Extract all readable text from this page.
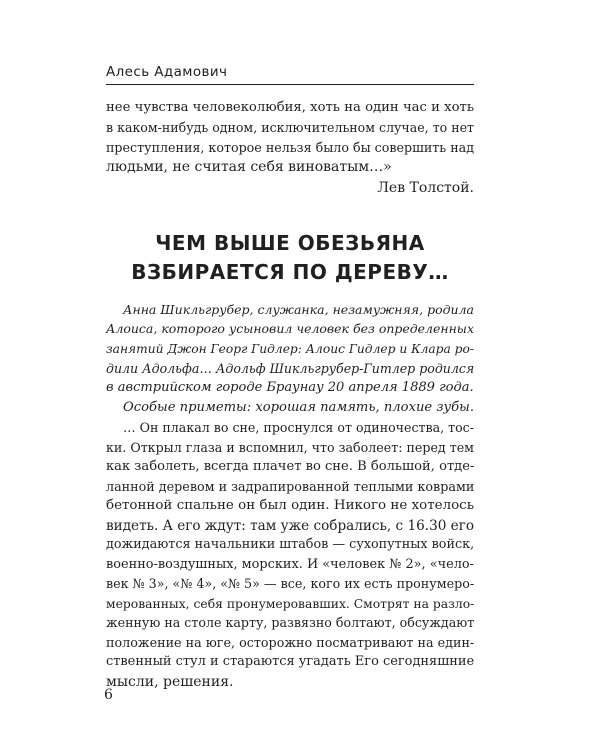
Алесь Адамович
нее чувства человеколюбия, хоть на один час и хоть
в каком-нибудь одном, исключительном случае, то нет
преступления, которое нельзя было бы совершить над
людьми, не считая себя виноватым…»
Лев Толстой.
ЧЕМ ВЫШЕ ОБЕЗЬЯНА
ВЗБИРАЕТСЯ ПО ДЕРЕВУ…
Анна Шикльгрубер, служанка, незамужняя, родила
Алоиса, которого усыновил человек без определенных
занятий Джон Георг Гидлер: Алоис Гидлер и Клара ро-
дили Адольфа… Адольф Шикльгрубер-Гитлер родился
в австрийском городе Браунау 20 апреля 1889 года.
Особые приметы: хорошая память, плохие зубы.
… Он плакал во сне, проснулся от одиночества, тос-
ки. Открыл глаза и вспомнил, что заболеет: перед тем
как заболеть, всегда плачет во сне. В большой, отде-
ланной деревом и задрапированной теплыми коврами
бетонной спальне он был один. Никого не хотелось
видеть. А его ждут: там уже собрались, с 16.30 его
дожидаются начальники штабов — сухопутных войск,
военно-воздушных, морских. И «человек № 2», «чело-
век № 3», «№ 4», «№ 5» — все, кого их есть пронумеро-
мерованных, себя пронумеровавших. Смотрят на разло-
женную на столе карту, развязно болтают, обсуждают
положение на юге, осторожно посматривают на един-
ственный стул и стараются угадать Его сегодняшние
мысли, решения.
6
